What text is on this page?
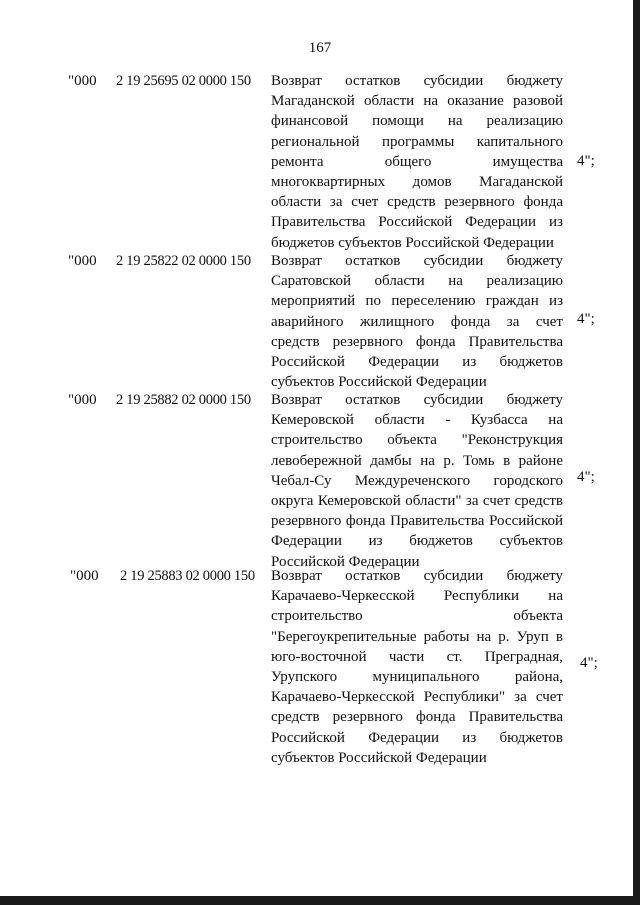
167
"000 2 19 25695 02 0000 150 Возврат остатков субсидии бюджету Магаданской области на оказание разовой финансовой помощи на реализацию региональной программы капитального ремонта общего имущества многоквартирных домов Магаданской области за счет средств резервного фонда Правительства Российской Федерации из бюджетов субъектов Российской Федерации
4";
"000 2 19 25822 02 0000 150 Возврат остатков субсидии бюджету Саратовской области на реализацию мероприятий по переселению граждан из аварийного жилищного фонда за счет средств резервного фонда Правительства Российской Федерации из бюджетов субъектов Российской Федерации
4";
"000 2 19 25882 02 0000 150 Возврат остатков субсидии бюджету Кемеровской области - Кузбасса на строительство объекта "Реконструкция левобережной дамбы на р. Томь в районе Чебал-Су Междуреченского городского округа Кемеровской области" за счет средств резервного фонда Правительства Российской Федерации из бюджетов субъектов Российской Федерации
4";
"000 2 19 25883 02 0000 150 Возврат остатков субсидии бюджету Карачаево-Черкесской Республики на строительство объекта "Берегоукрепительные работы на р. Уруп в юго-восточной части ст. Преградная, Урупского муниципального района, Карачаево-Черкесской Республики" за счет средств резервного фонда Правительства Российской Федерации из бюджетов субъектов Российской Федерации
4";
